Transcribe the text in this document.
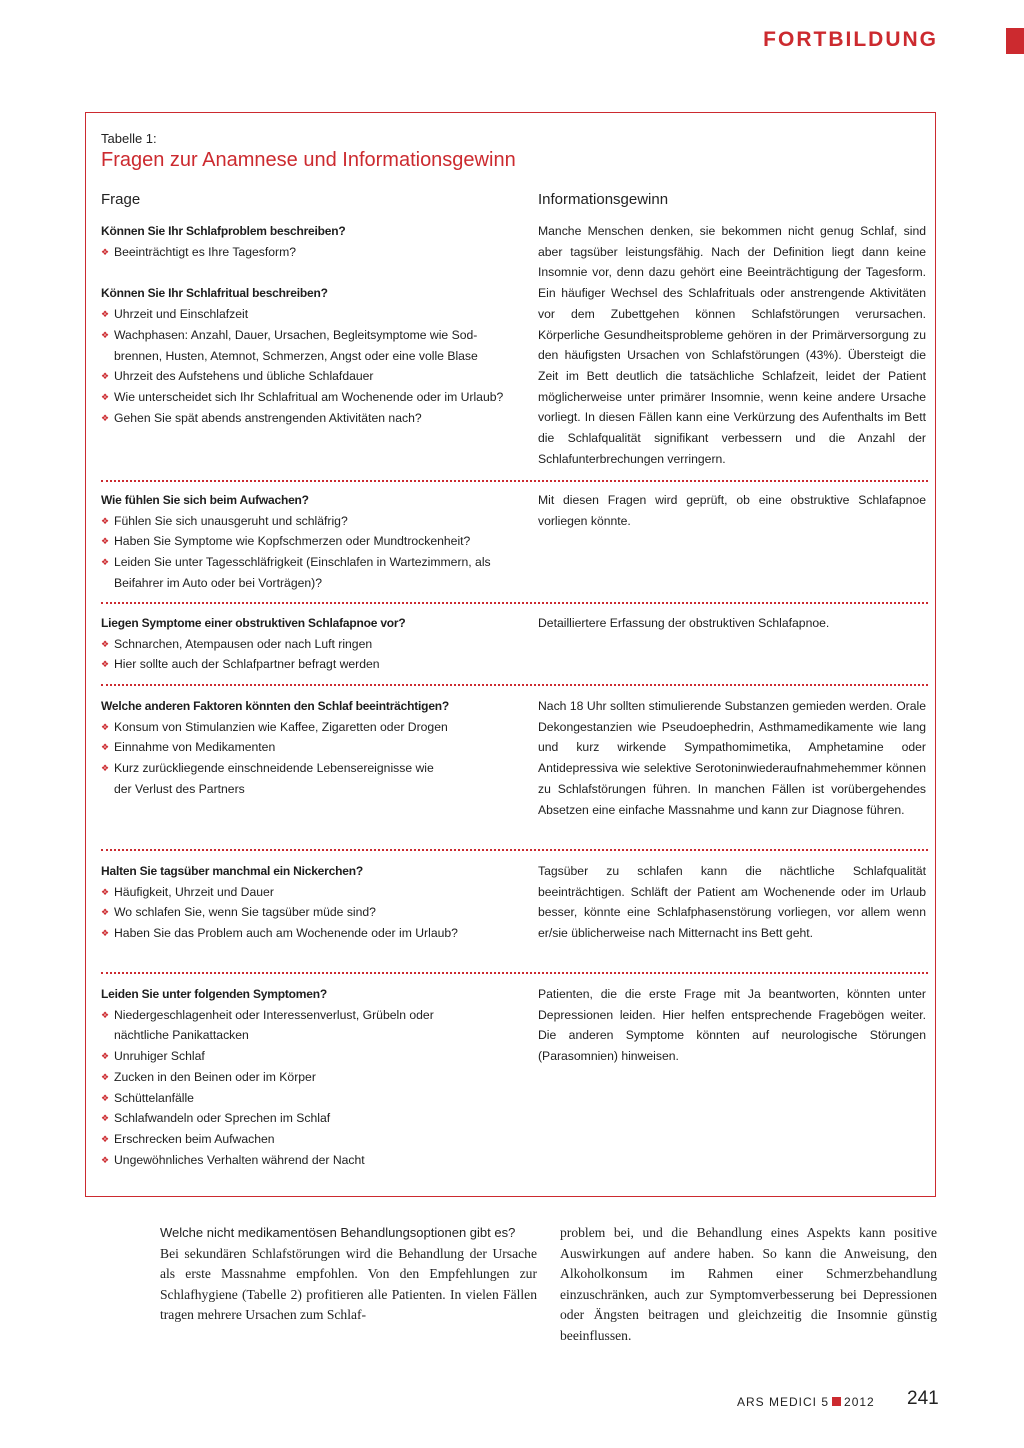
FORTBILDUNG
Tabelle 1:
Fragen zur Anamnese und Informationsgewinn
Frage	Informationsgewinn
Können Sie Ihr Schlafproblem beschreiben?
❖ Beeinträchtigt es Ihre Tagesform?
Können Sie Ihr Schlafritual beschreiben?
❖ Uhrzeit und Einschlafzeit
❖ Wachphasen: Anzahl, Dauer, Ursachen, Begleitsymptome wie Sod-brennen, Husten, Atemnot, Schmerzen, Angst oder eine volle Blase
❖ Uhrzeit des Aufstehens und übliche Schlafdauer
❖ Wie unterscheidet sich Ihr Schlafritual am Wochenende oder im Urlaub?
❖ Gehen Sie spät abends anstrengenden Aktivitäten nach?
Manche Menschen denken, sie bekommen nicht genug Schlaf, sind aber tagsüber leistungsfähig. Nach der Definition liegt dann keine Insomnie vor, denn dazu gehört eine Beeinträchtigung der Tagesform. Ein häufiger Wechsel des Schlafrituals oder anstrengende Aktivitäten vor dem Zubettgehen können Schlafstörungen verursachen. Körperliche Gesundheitsprobleme gehören in der Primärversorgung zu den häufigsten Ursachen von Schlafstörungen (43%). Übersteigt die Zeit im Bett deutlich die tatsächliche Schlafzeit, leidet der Patient möglicherweise unter primärer Insomnie, wenn keine andere Ursache vorliegt. In diesen Fällen kann eine Verkürzung des Aufenthalts im Bett die Schlafqualität signifikant verbessern und die Anzahl der Schlafunterbrechungen verringern.
Wie fühlen Sie sich beim Aufwachen?
❖ Fühlen Sie sich unausgeruht und schläfrig?
❖ Haben Sie Symptome wie Kopfschmerzen oder Mundtrockenheit?
❖ Leiden Sie unter Tagesschläfrigkeit (Einschlafen in Wartezimmern, als Beifahrer im Auto oder bei Vorträgen)?
Mit diesen Fragen wird geprüft, ob eine obstruktive Schlafapnoe vorliegen könnte.
Liegen Symptome einer obstruktiven Schlafapnoe vor?
❖ Schnarchen, Atempausen oder nach Luft ringen
❖ Hier sollte auch der Schlafpartner befragt werden
Detailliertere Erfassung der obstruktiven Schlafapnoe.
Welche anderen Faktoren könnten den Schlaf beeinträchtigen?
❖ Konsum von Stimulanzien wie Kaffee, Zigaretten oder Drogen
❖ Einnahme von Medikamenten
❖ Kurz zurückliegende einschneidende Lebensereignisse wie der Verlust des Partners
Nach 18 Uhr sollten stimulierende Substanzen gemieden werden. Orale Dekongestanzien wie Pseudoephedrin, Asthmamedikamente wie lang und kurz wirkende Sympathomimetika, Amphetamine oder Antidepressiva wie selektive Serotoninwiederaufnahmehemmer können zu Schlafstörungen führen. In manchen Fällen ist vorübergehendes Absetzen eine einfache Massnahme und kann zur Diagnose führen.
Halten Sie tagsüber manchmal ein Nickerchen?
❖ Häufigkeit, Uhrzeit und Dauer
❖ Wo schlafen Sie, wenn Sie tagsüber müde sind?
❖ Haben Sie das Problem auch am Wochenende oder im Urlaub?
Tagsüber zu schlafen kann die nächtliche Schlafqualität beeinträchtigen. Schläft der Patient am Wochenende oder im Urlaub besser, könnte eine Schlafphasenstörung vorliegen, vor allem wenn er/sie üblicherweise nach Mitternacht ins Bett geht.
Leiden Sie unter folgenden Symptomen?
❖ Niedergeschlagenheit oder Interessenverlust, Grübeln oder nächtliche Panikattacken
❖ Unruhiger Schlaf
❖ Zucken in den Beinen oder im Körper
❖ Schüttelanfälle
❖ Schlafwandeln oder Sprechen im Schlaf
❖ Erschrecken beim Aufwachen
❖ Ungewöhnliches Verhalten während der Nacht
Patienten, die die erste Frage mit Ja beantworten, könnten unter Depressionen leiden. Hier helfen entsprechende Fragebögen weiter. Die anderen Symptome könnten auf neurologische Störungen (Parasomnien) hinweisen.
Welche nicht medikamentösen Behandlungsoptionen gibt es?
Bei sekundären Schlafstörungen wird die Behandlung der Ursache als erste Massnahme empfohlen. Von den Empfehlungen zur Schlafhygiene (Tabelle 2) profitieren alle Patienten. In vielen Fällen tragen mehrere Ursachen zum Schlaf-
problem bei, und die Behandlung eines Aspekts kann positive Auswirkungen auf andere haben. So kann die Anweisung, den Alkoholkonsum im Rahmen einer Schmerzbehandlung einzuschränken, auch zur Symptomverbesserung bei Depressionen oder Ängsten beitragen und gleichzeitig die Insomnie günstig beeinflussen.
ARS MEDICI 5 2012 241
